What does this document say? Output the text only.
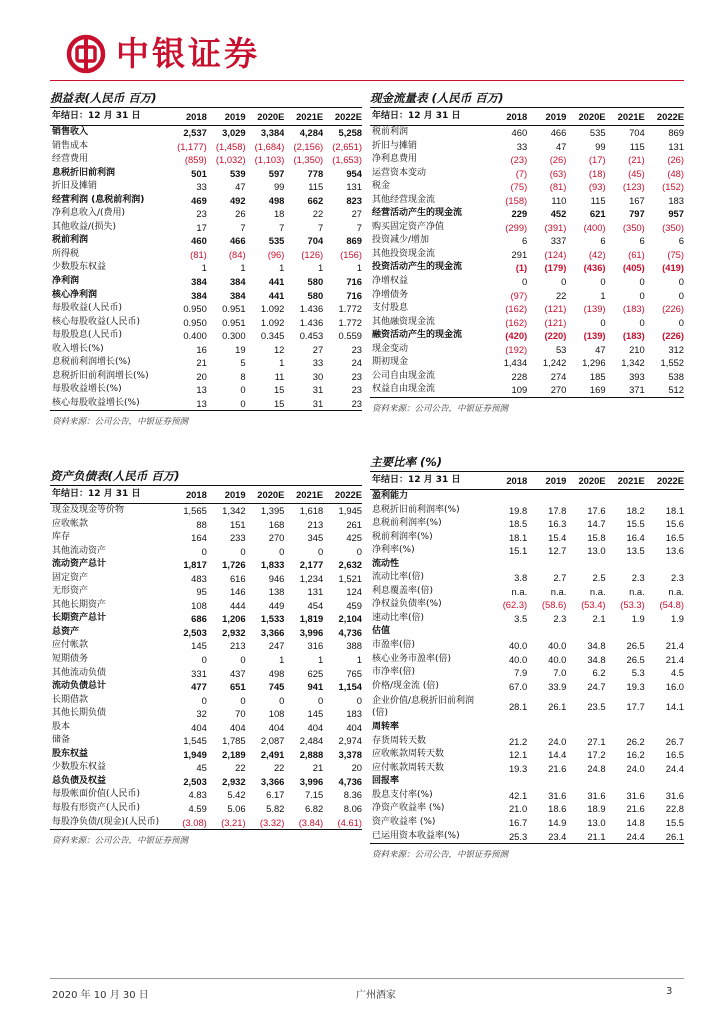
中银证券
损益表(人民币 百万)
年结日：12 月 31 日	2018	2019	2020E	2021E	2022E
销售收入	2,537	3,029	3,384	4,284	5,258
销售成本	(1,177)	(1,458)	(1,684)	(2,156)	(2,651)
经营费用	(859)	(1,032)	(1,103)	(1,350)	(1,653)
息税折旧前利润	501	539	597	778	954
折旧及摊销	33	47	99	115	131
经营利润 (息税前利润)	469	492	498	662	823
净利息收入/(费用)	23	26	18	22	27
其他收益/(损失)	17	7	7	7	7
税前利润	460	466	535	704	869
所得税	(81)	(84)	(96)	(126)	(156)
少数股东权益	1	1	1	1	1
净利润	384	384	441	580	716
核心净利润	384	384	441	580	716
每股收益(人民币)	0.950	0.951	1.092	1.436	1.772
核心每股收益(人民币)	0.950	0.951	1.092	1.436	1.772
每股股息(人民币)	0.400	0.300	0.345	0.453	0.559
收入增长(%)	16	19	12	27	23
息税前利润增长(%)	21	5	1	33	24
息税折旧前利润增长(%)	20	8	11	30	23
每股收益增长(%)	13	0	15	31	23
核心每股收益增长(%)	13	0	15	31	23
资料来源：公司公告，中银证券预测
现金流量表 (人民币 百万)
年结日：12 月 31 日	2018	2019	2020E	2021E	2022E
税前利润	460	466	535	704	869
折旧与摊销	33	47	99	115	131
净利息费用	(23)	(26)	(17)	(21)	(26)
运营资本变动	(7)	(63)	(18)	(45)	(48)
税金	(75)	(81)	(93)	(123)	(152)
其他经营现金流	(158)	110	115	167	183
经营活动产生的现金流	229	452	621	797	957
购买固定资产净值	(299)	(391)	(400)	(350)	(350)
投资减少/增加	6	337	6	6	6
其他投资现金流	291	(124)	(42)	(61)	(75)
投资活动产生的现金流	(1)	(179)	(436)	(405)	(419)
净增权益	0	0	0	0	0
净增债务	(97)	22	1	0	0
支付股息	(162)	(121)	(139)	(183)	(226)
其他融资现金流	(162)	(121)	0	0	0
融资活动产生的现金流	(420)	(220)	(139)	(183)	(226)
现金变动	(192)	53	47	210	312
期初现金	1,434	1,242	1,296	1,342	1,552
公司自由现金流	228	274	185	393	538
权益自由现金流	109	270	169	371	512
资料来源：公司公告，中银证券预测
资产负债表(人民币 百万)
年结日：12 月 31 日	2018	2019	2020E	2021E	2022E
现金及现金等价物	1,565	1,342	1,395	1,618	1,945
应收帐款	88	151	168	213	261
库存	164	233	270	345	425
其他流动资产	0	0	0	0	0
流动资产总计	1,817	1,726	1,833	2,177	2,632
固定资产	483	616	946	1,234	1,521
无形资产	95	146	138	131	124
其他长期资产	108	444	449	454	459
长期资产总计	686	1,206	1,533	1,819	2,104
总资产	2,503	2,932	3,366	3,996	4,736
应付帐款	145	213	247	316	388
短期债务	0	0	1	1	1
其他流动负债	331	437	498	625	765
流动负债总计	477	651	745	941	1,154
长期借款	0	0	0	0	0
其他长期负债	32	70	108	145	183
股本	404	404	404	404	404
储备	1,545	1,785	2,087	2,484	2,974
股东权益	1,949	2,189	2,491	2,888	3,378
少数股东权益	45	22	22	21	20
总负债及权益	2,503	2,932	3,366	3,996	4,736
每股帐面价值(人民币)	4.83	5.42	6.17	7.15	8.36
每股有形资产(人民币)	4.59	5.06	5.82	6.82	8.06
每股净负债/(现金)(人民币)	(3.08)	(3.21)	(3.32)	(3.84)	(4.61)
资料来源：公司公告，中银证券预测
主要比率 (%)
年结日：12 月 31 日	2018	2019	2020E	2021E	2022E
盈利能力					
息税折旧前利润率(%)	19.8	17.8	17.6	18.2	18.1
息税前利润率(%)	18.5	16.3	14.7	15.5	15.6
税前利润率(%)	18.1	15.4	15.8	16.4	16.5
净利率(%)	15.1	12.7	13.0	13.5	13.6
流动性					
流动比率(倍)	3.8	2.7	2.5	2.3	2.3
利息覆盖率(倍)	n.a.	n.a.	n.a.	n.a.	n.a.
净权益负债率(%)	(62.3)	(58.6)	(53.4)	(53.3)	(54.8)
速动比率(倍)	3.5	2.3	2.1	1.9	1.9
估值					
市盈率(倍)	40.0	40.0	34.8	26.5	21.4
核心业务市盈率(倍)	40.0	40.0	34.8	26.5	21.4
市净率(倍)	7.9	7.0	6.2	5.3	4.5
价格/现金流 (倍)	67.0	33.9	24.7	19.3	16.0
企业价值/息税折旧前利润(倍)	28.1	26.1	23.5	17.7	14.1
周转率					
存货周转天数	21.2	24.0	27.1	26.2	26.7
应收帐款周转天数	12.1	14.4	17.2	16.2	16.5
应付帐款周转天数	19.3	21.6	24.8	24.0	24.4
回报率					
股息支付率(%)	42.1	31.6	31.6	31.6	31.6
净资产收益率 (%)	21.0	18.6	18.9	21.6	22.8
资产收益率 (%)	16.7	14.9	13.0	14.8	15.5
已运用资本收益率(%)	25.3	23.4	21.1	24.4	26.1
资料来源：公司公告，中银证券预测
2020 年 10 月 30 日	广州酒家	3
